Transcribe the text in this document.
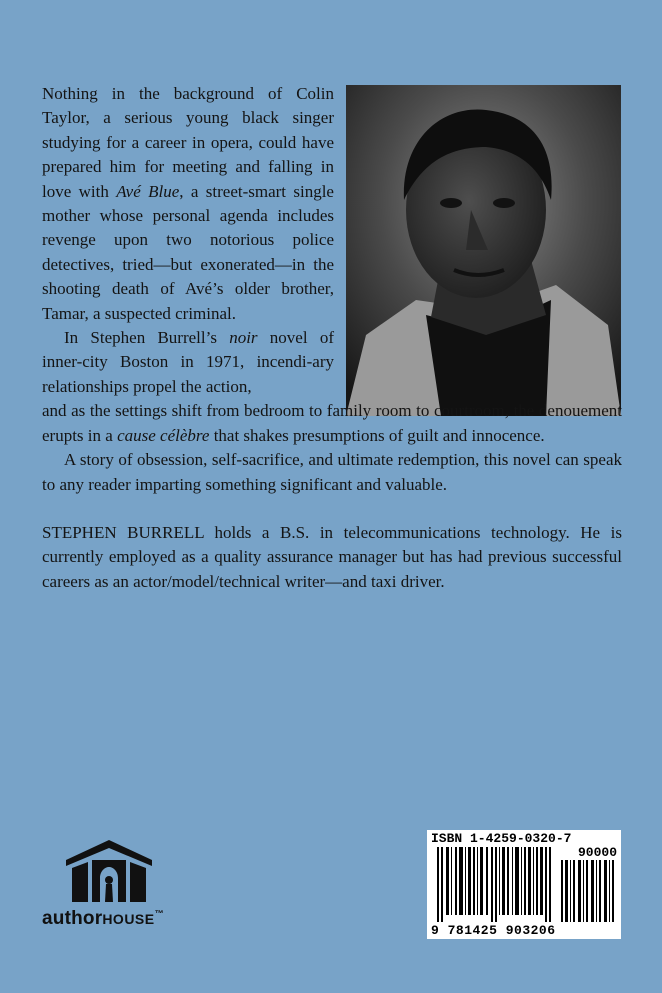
Nothing in the background of Colin Taylor, a serious young black singer studying for a career in opera, could have prepared him for meeting and falling in love with Avé Blue, a street-smart single mother whose personal agenda includes revenge upon two notorious police detectives, tried—but exonerated—in the shooting death of Avé’s older brother, Tamar, a suspected criminal.

In Stephen Burrell’s noir novel of inner-city Boston in 1971, incendi-ary relationships propel the action,

and as the settings shift from bedroom to family room to courtroom, the denouement erupts in a cause célèbre that shakes presumptions of guilt and innocence.

A story of obsession, self-sacrifice, and ultimate redemption, this novel can speak to any reader imparting something significant and valuable.

STEPHEN BURRELL holds a B.S. in telecommunications technology. He is currently employed as a quality assurance manager but has had previous successful careers as an actor/model/technical writer—and taxi driver.

authorHOUSE™
ISBN 1-4259-0320-7
90000
9 781425 903206
